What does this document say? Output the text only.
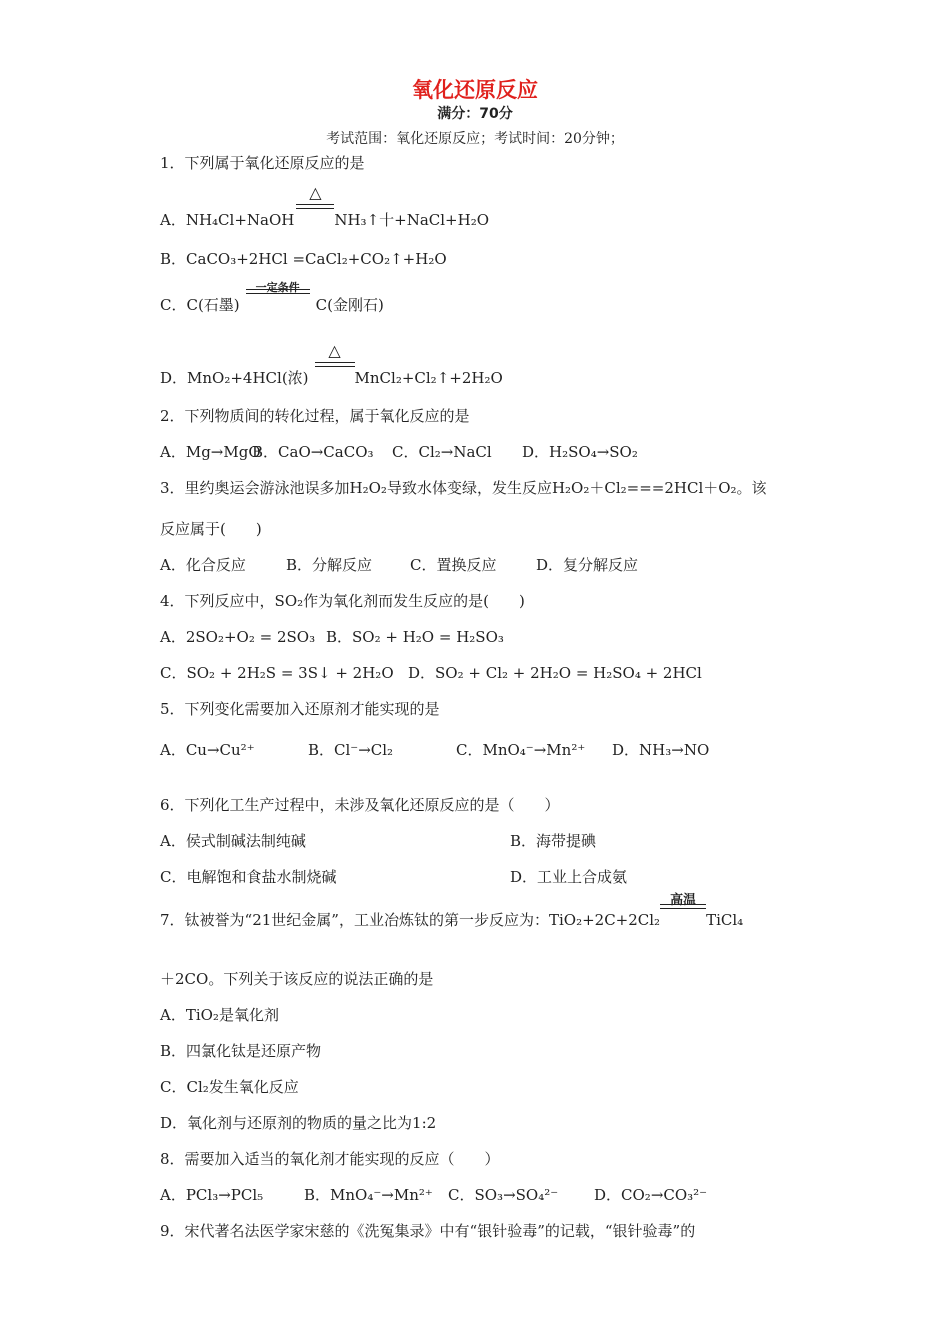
氧化还原反应
满分：70分
考试范围：氧化还原反应；考试时间：20分钟；
1．下列属于氧化还原反应的是
A．NH₄Cl+NaOH
△
NH₃↑十+NaCl+H₂O
B．CaCO₃+2HCl =CaCl₂+CO₂↑+H₂O
C．C(石墨)
一定条件
C(金刚石)
D．MnO₂+4HCl(浓)
△
MnCl₂+Cl₂↑+2H₂O
2．下列物质间的转化过程，属于氧化反应的是
A．Mg→MgOB．CaO→CaCO₃ C．Cl₂→NaCl D．H₂SO₄→SO₂
3．里约奥运会游泳池误多加H₂O₂导致水体变绿，发生反应H₂O₂＋Cl₂===2HCl＋O₂。该
反应属于(　　)
A．化合反应	B．分解反应	C．置换反应	D．复分解反应
4．下列反应中，SO₂作为氧化剂而发生反应的是(　　)
A．2SO₂+O₂ = 2SO₃ B．SO₂ + H₂O = H₂SO₃
C．SO₂ + 2H₂S = 3S↓ + 2H₂O D．SO₂ + Cl₂ + 2H₂O = H₂SO₄ + 2HCl
5．下列变化需要加入还原剂才能实现的是
A．Cu→Cu²⁺	B．Cl⁻→Cl₂	C．MnO₄⁻→Mn²⁺ D．NH₃→NO
6．下列化工生产过程中，未涉及氧化还原反应的是（　　）
A．侯式制碱法制纯碱	B．海带提碘
C．电解饱和食盐水制烧碱	D．工业上合成氨
7．钛被誉为“21世纪金属”，工业冶炼钛的第一步反应为：TiO₂+2C+2Cl₂
高温
TiCl₄
＋2CO。下列关于该反应的说法正确的是
A．TiO₂是氧化剂
B．四氯化钛是还原产物
C．Cl₂发生氧化反应
D．氧化剂与还原剂的物质的量之比为1:2
8．需要加入适当的氧化剂才能实现的反应（　　）
A．PCl₃→PCl₅	B．MnO₄⁻→Mn²⁺ C．SO₃→SO₄²⁻ D．CO₂→CO₃²⁻
9．宋代著名法医学家宋慈的《洗冤集录》中有“银针验毒”的记载，“银针验毒”的
